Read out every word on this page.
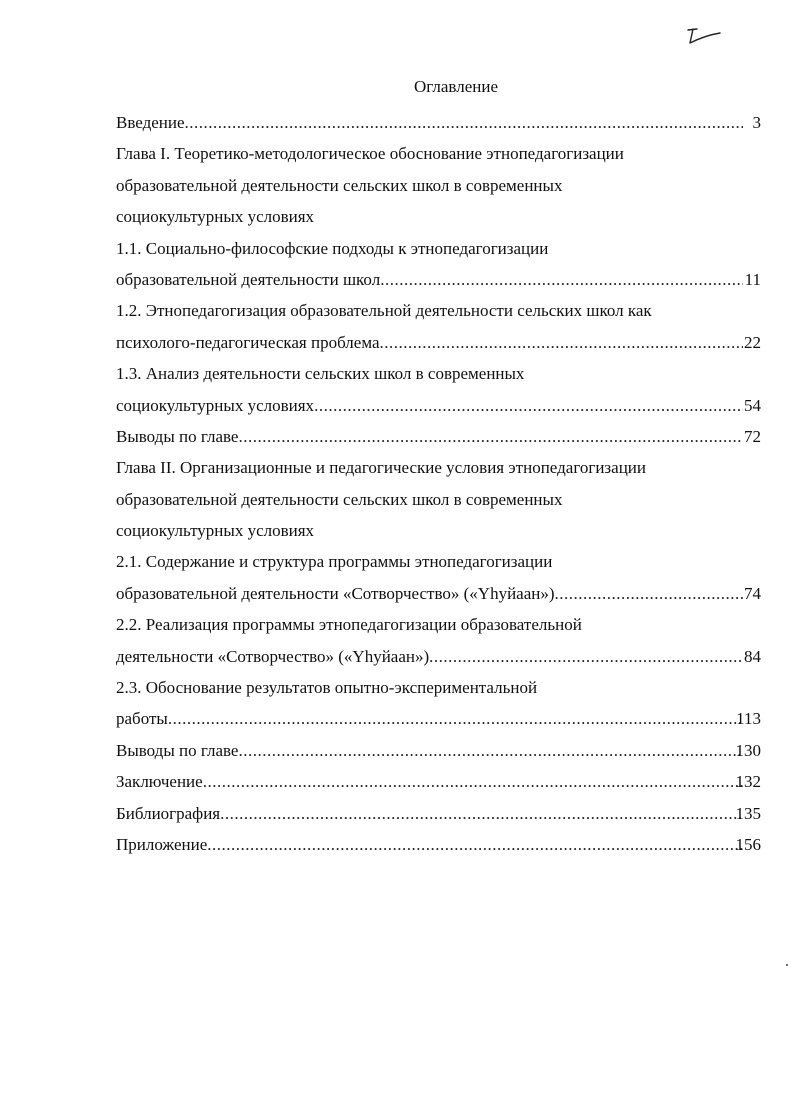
Оглавление
Введение .....	3
Глава I. Теоретико-методологическое обоснование этнопедагогизации
образовательной деятельности сельских школ в современных
социокультурных условиях
1.1. Социально-философские подходы к этнопедагогизации
образовательной деятельности школ .....	11
1.2. Этнопедагогизация образовательной деятельности сельских школ как
психолого-педагогическая проблема .....	22
1.3. Анализ деятельности сельских школ в современных
социокультурных условиях .....	54
Выводы по главе .....	72
Глава II. Организационные и педагогические условия этнопедагогизации
образовательной деятельности сельских школ в современных
социокультурных условиях
2.1. Содержание и структура программы этнопедагогизации
образовательной деятельности «Сотворчество» («Yhyйаан») .....	74
2.2. Реализация программы этнопедагогизации образовательной
деятельности «Сотворчество» («Yhyйаан») .....	84
2.3. Обоснование результатов опытно-экспериментальной
работы .....	113
Выводы по главе .....	130
Заключение .....	132
Библиография .....	135
Приложение .....	156
